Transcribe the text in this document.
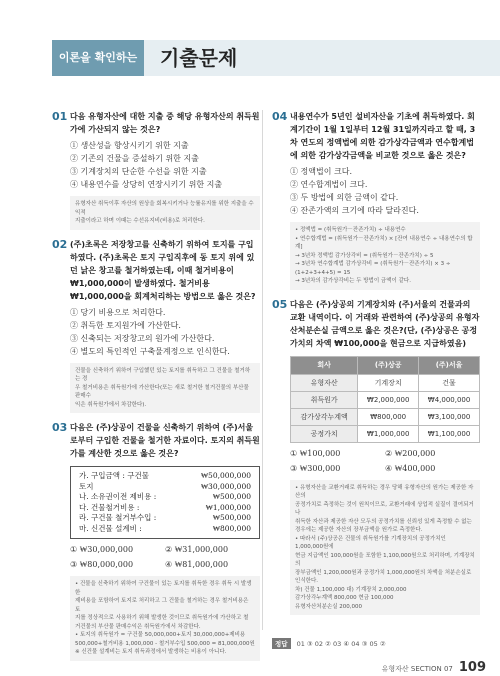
이론을 확인하는	기출문제
01 다음 유형자산에 대한 지출 중 해당 유형자산의 취득원가에 가산되지 않는 것은?
① 생산성을 향상시키기 위한 지출
② 기존의 건물을 증설하기 위한 지출
③ 기계장치의 단순한 수선을 위한 지출
④ 내용연수를 상당히 연장시키기 위한 지출
유형자산 취득이후 자산의 원상을 회복시키거나 능률유지를 위한 지출을 수익적
지출이라고 하며 이때는 수선유지비(비용)로 처리한다.
02 (주)초록은 저장창고를 신축하기 위하여 토지를 구입하였다. (주)초록은 토지 구입직후에 동 토지 위에 있던 낡은 창고를 철거하였는데, 이때 철거비용이 ₩1,000,000이 발생하였다. 철거비용 ₩1,000,000을 회계처리하는 방법으로 옳은 것은?
① 당기 비용으로 처리한다.
② 취득한 토지원가에 가산한다.
③ 신축되는 저장창고의 원가에 가산한다.
④ 별도의 특인적인 구축물계정으로 인식한다.
건물을 신축하기 위하여 구입했던 있는 토지를 취득하고 그 건물을 철거하는 경
우 철거비용은 취득원가에 가산한다(또는 새로 철거한 철거건물의 부산물 판매수
익은 취득원가에서 차감한다).
03 다음은 (주)상공이 건물을 신축하기 위하여 (주)서울로부터 구입한 건물을 철거한 자료이다. 토지의 취득원가를 계산한 것으로 옳은 것은?
가. 구입금액 : 구건물	₩50,000,000
토지	₩30,000,000
나. 소유권이전 제비용 :	₩500,000
다. 건물철거비용 :	₩1,000,000
라. 구건물 철거부수입 :	₩500,000
마. 신건물 설계비 :	₩800,000
① ₩30,000,000	② ₩31,000,000
③ ₩80,000,000	④ ₩81,000,000
• 건물을 신축하기 위하여 구건물이 있는 토지를 취득한 경우 취득 시 발생한
제비용을 포함하여 토지로 처리하고 그 건물을 철거하는 경우 철거비용은 토
지를 정상적으로 사용하기 위해 발생한 것이므로 취득원가에 가산하고 철
거건물의 부산물 판매수익은 취득원가에서 차감한다.
• 토지의 취득원가 = 구건물 50,000,000+토지 30,000,000+제비용
500,000+철거비용 1,000,000 - 철거부수입 500,000 = 81,000,000원
※ 신건물 설계비는 토지 취득과정에서 발생하는 비용이 아니다.
04 내용연수가 5년인 설비자산을 기초에 취득하였다. 회계기간이 1월 1일부터 12월 31일까지라고 할 때, 3차 연도의 정액법에 의한 감가상각금액과 연수합계법에 의한 감가상각금액을 비교한 것으로 옳은 것은?
① 정액법이 크다.
② 연수합계법이 크다.
③ 두 방법에 의한 금액이 같다.
④ 잔존가액의 크기에 따라 달라진다.
• 정액법 = (취득원가－잔존가치) ÷ 내용연수
• 연수합계법 = (취득원가－잔존가치) × [잔여 내용연수 ÷ 내용연수의 합계]
→ 3년차 정액법 감가상각비 = (취득원가－잔존가치) ÷ 5
→ 3년차 연수합계법 감가상각비 = (취득원가－잔존가치) × 3 ÷ (1+2+3+4+5) = 15
→ 3년차의 감가상각비는 두 방법이 금액이 같다.
05 다음은 (주)상공의 기계장치와 (주)서울의 건물과의 교환 내역이다. 이 거래와 관련하여 (주)상공의 유형자산처분손실 금액으로 옳은 것은?(단, (주)상공은 공정가치의 차액 ₩100,000을 현금으로 지급하였음)
회사	(주)상공	(주)서울
유형자산	기계장치	건물
취득원가	₩2,000,000	₩4,000,000
감가상각누계액	₩800,000	₩3,100,000
공정가치	₩1,000,000	₩1,100,000
① ₩100,000	② ₩200,000
③ ₩300,000	④ ₩400,000
• 유형자산을 교환거래로 취득하는 경우 당해 유형자산의 원가는 제공한 자산의
공정가치로 측정하는 것이 원칙이므로, 교환거래에 상업적 실질이 결여되거나
취득한 자산과 제공한 자산 모두의 공정가치를 신뢰성 있게 측정할 수 없는
경우에는 제공한 자산의 장부금액을 원가로 측정한다.
• 따라서 (주)상공은 건물의 취득원가를 기계장치의 공정가치인 1,000,000원에
현금 지급액인 100,000원을 포함한 1,100,000원으로 처리하며, 기계장치의
장부금액인 1,200,000원과 공정가치 1,000,000원의 차액을 처분손실로 인식한다.
차) 건물 1,100,000 대) 기계장치 2,000,000
감가상각누계액 800,000 현금 100,000
유형자산처분손실 200,000
정답	01 ③ 02 ② 03 ④ 04 ③ 05 ②
유형자산 SECTION 07 109
